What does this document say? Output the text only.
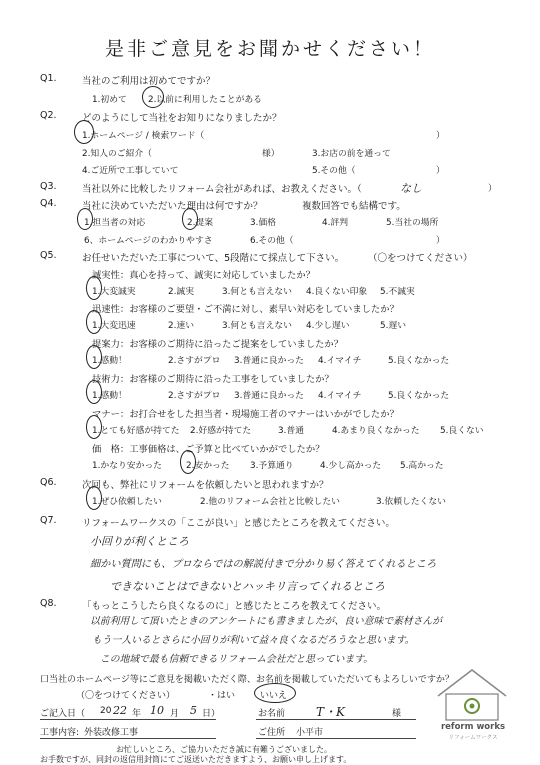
是非ご意見をお聞かせください！
Q1.	当社のご利用は初めてですか？
1.初めて 2.以前に利用したことがある
Q2.	どのようにして当社をお知りになりましたか？
1.ホームページ / 検索ワード（	）
2.知人のご紹介（	様）	3.お店の前を通って
4.ご近所で工事していて	5.その他（	）
Q3.	当社以外に比較したリフォーム会社があれば、お教えください。（	なし	）
Q4.	当社に決めていただいた理由は何ですか？	複数回答でも結構です。
1.担当者の対応	2.提案	3.価格	4.評判	5.当社の場所
6、ホームページのわかりやすさ	6.その他（	）
Q5.	お任せいただいた工事について、5段階にて採点して下さい。	（〇をつけてください）
誠実性：真心を持って、誠実に対応していましたか？
1.大変誠実	2.誠実	3.何とも言えない 4.良くない印象 5.不誠実
迅速性：お客様のご要望・ご不満に対し、素早い対応をしていましたか？
1.大変迅速	2.速い	3.何とも言えない 4.少し遅い	5.遅い
提案力：お客様のご期待に沿ったご提案をしていましたか？
1.感動！	2.さすがプロ 3.普通に良かった 4.イマイチ	5.良くなかった
技術力：お客様のご期待に沿った工事をしていましたか？
1.感動！	2.さすがプロ 3.普通に良かった 4.イマイチ	5.良くなかった
マナー：お打合せをした担当者・現場施工者のマナーはいかがでしたか？
1.とても好感が持てた 2.好感が持てた	3.普通	4.あまり良くなかった 5.良くない
価　格：工事価格は、ご予算と比べていかがでしたか？
1.かなり安かった	2.安かった 3.予算通り	4.少し高かった 5.高かった
Q6.	次回も、弊社にリフォームを依頼したいと思われますか？
1.ぜひ依頼したい	2.他のリフォーム会社と比較したい	3.依頼したくない
Q7.	リフォームワークスの「ここが良い」と感じたところを教えてください。
小回りが利くところ
細かい質問にも、プロならではの解説付きで分かり易く答えてくれるところ
できないことはできないとハッキリ言ってくれるところ
Q8.	「もっとこうしたら良くなるのに」と感じたところを教えてください。
以前利用して頂いたときのアンケートにも書きましたが、良い意味で素材さんが
もう一人いるとさらに小回りが利いて益々良くなるだろうなと思います。
この地域で最も信頼できるリフォーム会社だと思っています。
口当社のホームページ等にご意見を掲載いただく際、お名前を掲載していただいてもよろしいですか？
（〇をつけてください）	・はい	いいえ
ご記入日（ 20 22 年 10 月 5 日）	お名前	T・K	様
工事内容: 外装改修工事	ご住所 小平市
お忙しいところ、ご協力いただき誠に有難うございました。
お手数ですが、同封の返信用封筒にてご返送いただきますよう、お願い申し上げます。
reform works
リフォームワークス
